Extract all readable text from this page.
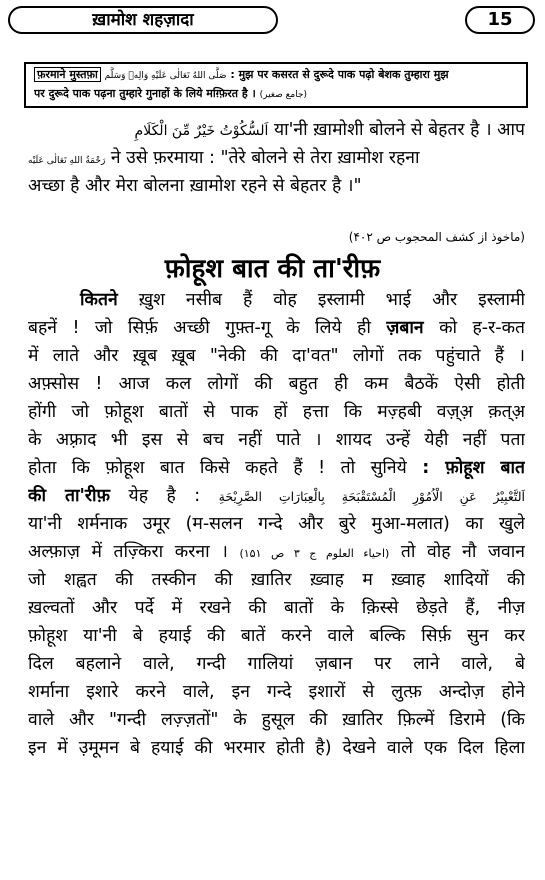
ख़ामोश शहज़ादा	15
फ़रमाने मुस्तफ़ा صَلَّى اللهُ تَعَالٰى عَلَيْهِ وَالِهٖ وَسَلَّم : मुझ पर कसरत से दुरूदे पाक पढ़ो बेशक तुम्हारा मुझ
पर दुरूदे पाक पढ़ना तुम्हारे गुनाहों के लिये मग़्फ़िरत है । (جامع صغیر)
اَلسُّكُوْتُ خَيْرٌ مِّنَ الْكَلَامِ या'नी ख़ामोशी बोलने से बेहतर है । आप
رَحْمَةُ اللهِ تَعَالٰى عَلَيْه ने उसे फ़रमाया : "तेरे बोलने से तेरा ख़ामोश रहना
अच्छा है और मेरा बोलना ख़ामोश रहने से बेहतर है ।"
(ماخوذ از کشف المحجوب ص ۴۰۲)
फ़ोहूश बात की ता'रीफ़
कितने ख़ुश नसीब हैं वोह इस्लामी भाई और इस्लामी
बहनें ! जो सिर्फ़ अच्छी गुफ़्त-गू के लिये ही ज़बान को ह-र-कत
में लाते और ख़ूब ख़ूब "नेकी की दा'वत" लोगों तक पहुंचाते हैं ।
अफ़्सोस ! आज कल लोगों की बहुत ही कम बैठकें ऐसी होती
होंगी जो फ़ोहूश बातों से पाक हों हत्ता कि मज़्हबी वज़्अ़ क़त्अ़
के अफ़्राद भी इस से बच नहीं पाते । शायद उन्हें येही नहीं पता
होता कि फ़ोहूश बात किसे कहते हैं ! तो सुनिये : फ़ोहूश बात
की ता'रीफ़ येह है : اَلتَّعْبِيْرُ عَنِ الْاُمُوْرِ الْمُسْتَقْبَحَةِ بِالْعِبَارَاتِ الصَّرِيْحَةِ
या'नी शर्मनाक उमूर (म-सलन गन्दे और बुरे मुआ-मलात) का खुले
अल्फ़ाज़ में तज़्किरा करना । (احیاء العلوم ج ۳ ص ۱۵۱) तो वोह नौ जवान
जो शह्वत की तस्कीन की ख़ातिर ख़्वाह म ख़्वाह शादियों की
ख़ल्वतों और पर्दे में रखने की बातों के क़िस्से छेड़ते हैं, नीज़
फ़ोहूश या'नी बे हयाई की बातें करने वाले बल्कि सिर्फ़ सुन कर
दिल बहलाने वाले, गन्दी गालियां ज़बान पर लाने वाले, बे
शर्माना इशारे करने वाले, इन गन्दे इशारों से लुत्फ़ अन्दोज़ होने
वाले और "गन्दी लज़्ज़तों" के हुसूल की ख़ातिर फ़िल्में डिरामे (कि
इन में उ़मूमन बे हयाई की भरमार होती है) देखने वाले एक दिल हिला
